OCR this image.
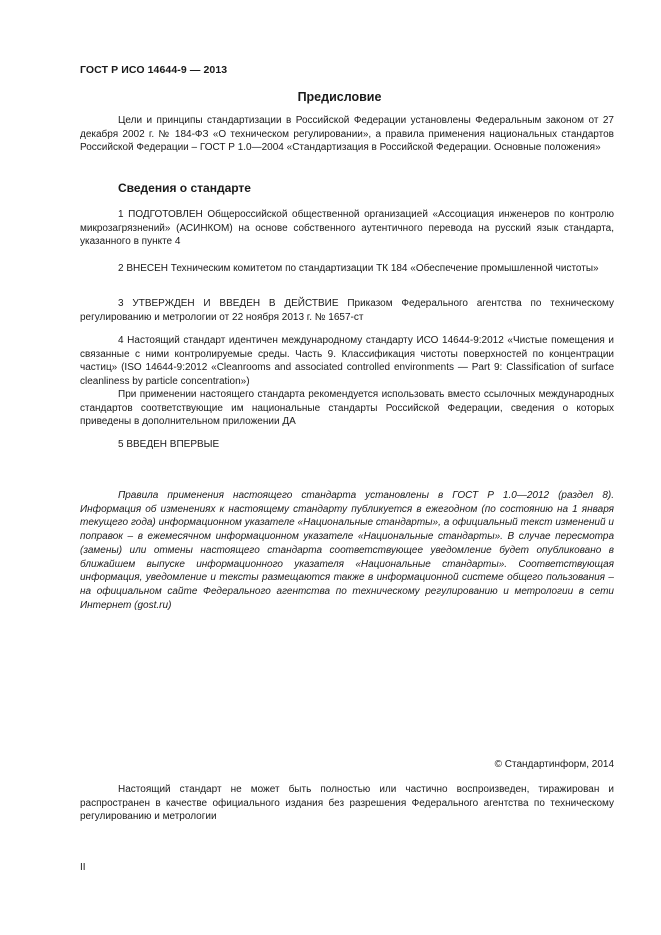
ГОСТ Р ИСО 14644-9 — 2013
Предисловие

Цели и принципы стандартизации в Российской Федерации установлены Федеральным законом от 27 декабря 2002 г. № 184-ФЗ «О техническом регулировании», а правила применения национальных стандартов Российской Федерации – ГОСТ Р 1.0—2004 «Стандартизация в Российской Федерации. Основные положения»

Сведения о стандарте

1 ПОДГОТОВЛЕН Общероссийской общественной организацией «Ассоциация инженеров по контролю микрозагрязнений» (АСИНКОМ) на основе собственного аутентичного перевода на русский язык стандарта, указанного в пункте 4

2 ВНЕСЕН Техническим комитетом по стандартизации ТК 184 «Обеспечение промышленной чистоты»

3 УТВЕРЖДЕН И ВВЕДЕН В ДЕЙСТВИЕ Приказом Федерального агентства по техническому регулированию и метрологии от 22 ноября 2013 г. № 1657-ст

4 Настоящий стандарт идентичен международному стандарту ИСО 14644-9:2012 «Чистые помещения и связанные с ними контролируемые среды. Часть 9. Классификация чистоты поверхностей по концентрации частиц» (ISO 14644-9:2012 «Cleanrooms and associated controlled environments — Part 9: Classification of surface cleanliness by particle concentration»)

При применении настоящего стандарта рекомендуется использовать вместо ссылочных международных стандартов соответствующие им национальные стандарты Российской Федерации, сведения о которых приведены в дополнительном приложении ДА

5 ВВЕДЕН ВПЕРВЫЕ

Правила применения настоящего стандарта установлены в ГОСТ Р 1.0—2012 (раздел 8). Информация об изменениях к настоящему стандарту публикуется в ежегодном (по состоянию на 1 января текущего года) информационном указателе «Национальные стандарты», а официальный текст изменений и поправок – в ежемесячном информационном указателе «Национальные стандарты». В случае пересмотра (замены) или отмены настоящего стандарта соответствующее уведомление будет опубликовано в ближайшем выпуске информационного указателя «Национальные стандарты». Соответствующая информация, уведомление и тексты размещаются также в информационной системе общего пользования – на официальном сайте Федерального агентства по техническому регулированию и метрологии в сети Интернет (gost.ru)

© Стандартинформ, 2014

Настоящий стандарт не может быть полностью или частично воспроизведен, тиражирован и распространен в качестве официального издания без разрешения Федерального агентства по техническому регулированию и метрологии

II
